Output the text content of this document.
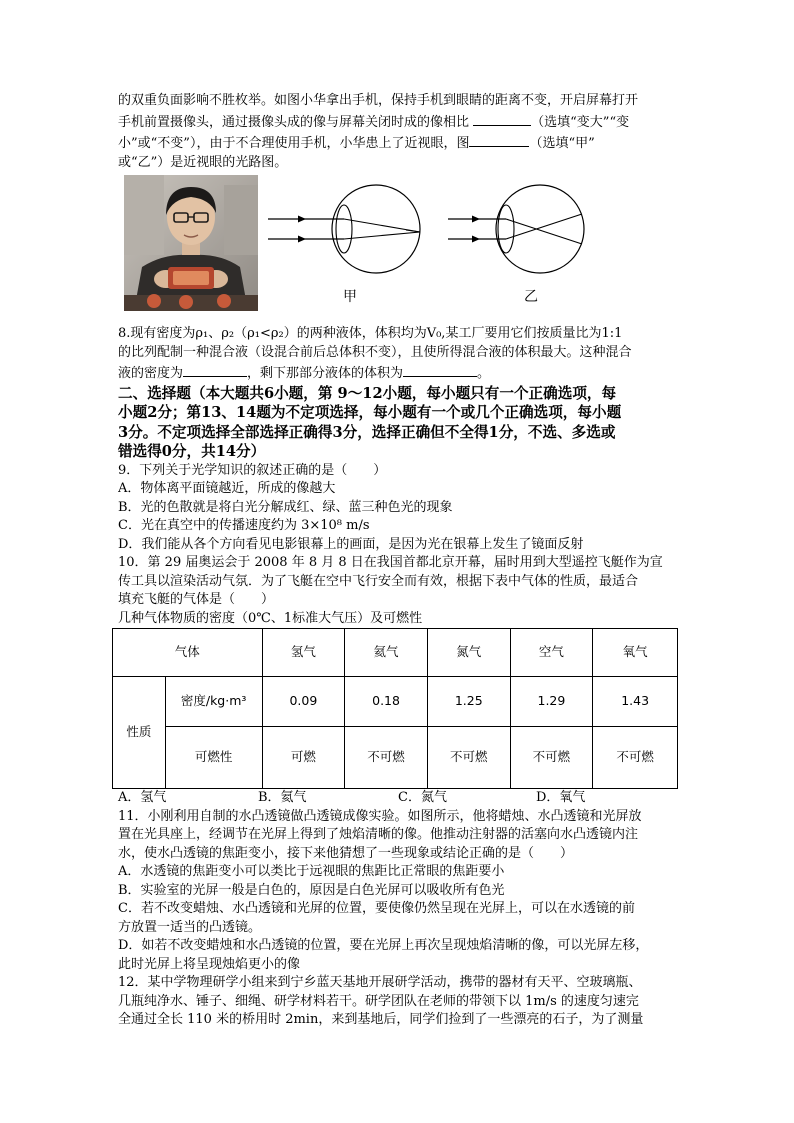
的双重负面影响不胜枚举。如图小华拿出手机，保持手机到眼睛的距离不变，开启屏幕打开
手机前置摄像头，通过摄像头成的像与屏幕关闭时成的像相比	（选填“变大”“变
小”或“不变”），由于不合理使用手机，小华患上了近视眼，图	（选填“甲”
或“乙”）是近视眼的光路图。
甲	乙
8.现有密度为ρ₁、ρ₂（ρ₁<ρ₂）的两种液体，体积均为V₀,某工厂要用它们按质量比为1:1
的比列配制一种混合液（设混合前后总体积不变），且使所得混合液的体积最大。这种混合
液的密度为	，剩下那部分液体的体积为	。
二、选择题（本大题共6小题，第 9～12小题，每小题只有一个正确选项，每
小题2分；第13、14题为不定项选择，每小题有一个或几个正确选项，每小题
3分。不定项选择全部选择正确得3分，选择正确但不全得1分，不选、多选或
错选得0分，共14分）
9．下列关于光学知识的叙述正确的是（　　）
A．物体离平面镜越近，所成的像越大
B．光的色散就是将白光分解成红、绿、蓝三种色光的现象
C．光在真空中的传播速度约为 3×10⁸ m/s
D．我们能从各个方向看见电影银幕上的画面，是因为光在银幕上发生了镜面反射
10．第 29 届奥运会于 2008 年 8 月 8 日在我国首都北京开幕，届时用到大型遥控飞艇作为宣
传工具以渲染活动气氛．为了飞艇在空中飞行安全而有效，根据下表中气体的性质，最适合
填充飞艇的气体是（　　）
几种气体物质的密度（0℃、1标准大气压）及可燃性
气体		氢气	氦气	氮气	空气	氧气
性质	密度/kg·m³	0.09	0.18	1.25	1.29	1.43
	可燃性	可燃	不可燃	不可燃	不可燃	不可燃
A．氢气	B．氦气	C．氮气	D．氧气
11．小刚利用自制的水凸透镜做凸透镜成像实验。如图所示，他将蜡烛、水凸透镜和光屏放
置在光具座上，经调节在光屏上得到了烛焰清晰的像。他推动注射器的活塞向水凸透镜内注
水，使水凸透镜的焦距变小，接下来他猜想了一些现象或结论正确的是（　　）
A．水透镜的焦距变小可以类比于远视眼的焦距比正常眼的焦距要小
B．实验室的光屏一般是白色的，原因是白色光屏可以吸收所有色光
C．若不改变蜡烛、水凸透镜和光屏的位置，要使像仍然呈现在光屏上，可以在水透镜的前
方放置一适当的凸透镜。
D．如若不改变蜡烛和水凸透镜的位置，要在光屏上再次呈现烛焰清晰的像，可以光屏左移，
此时光屏上将呈现烛焰更小的像
12．某中学物理研学小组来到宁乡蓝天基地开展研学活动，携带的器材有天平、空玻璃瓶、
几瓶纯净水、锤子、细绳、研学材料若干。研学团队在老师的带领下以 1m/s 的速度匀速完
全通过全长 110 米的桥用时 2min，来到基地后，同学们捡到了一些漂亮的石子，为了测量
